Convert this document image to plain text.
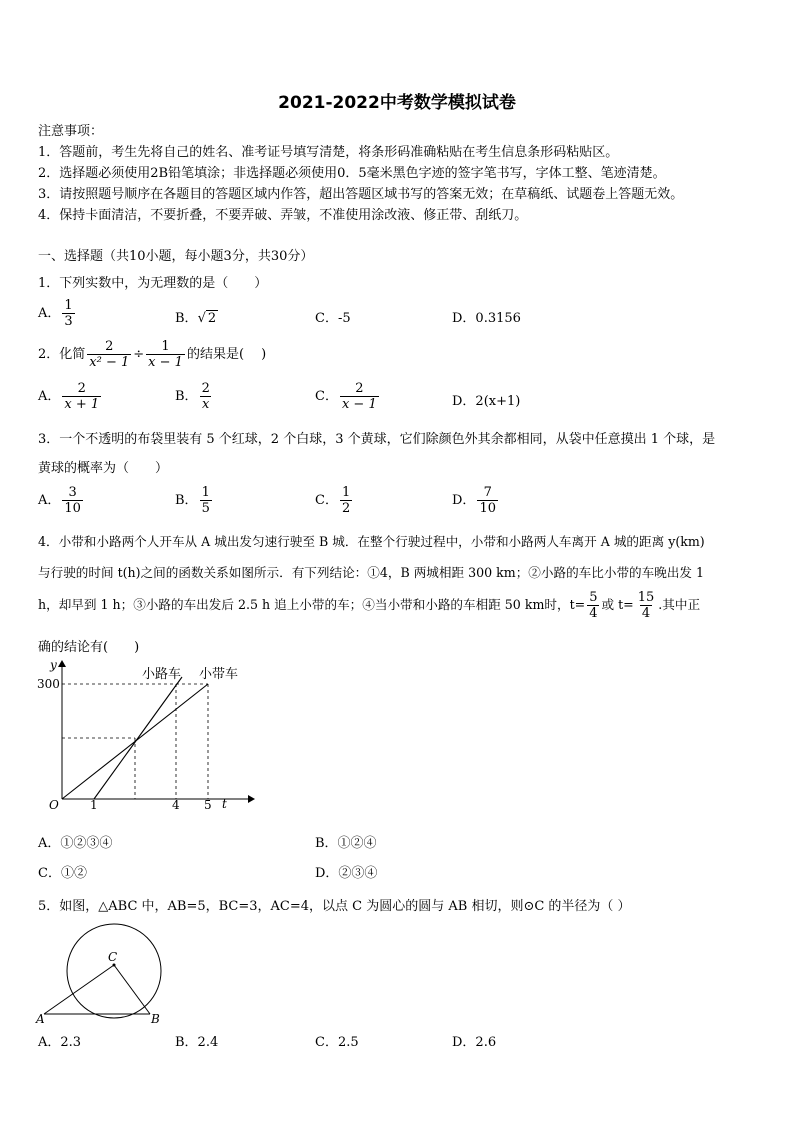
2021-2022中考数学模拟试卷
注意事项：
1．答题前，考生先将自己的姓名、准考证号填写清楚，将条形码准确粘贴在考生信息条形码粘贴区。
2．选择题必须使用2B铅笔填涂；非选择题必须使用0．5毫米黑色字迹的签字笔书写，字体工整、笔迹清楚。
3．请按照题号顺序在各题目的答题区域内作答，超出答题区域书写的答案无效；在草稿纸、试题卷上答题无效。
4．保持卡面清洁，不要折叠，不要弄破、弄皱，不准使用涂改液、修正带、刮纸刀。
一、选择题（共10小题，每小题3分，共30分）
1．下列实数中，为无理数的是（　　）
A． $\frac{1}{3}$	B．√ 2	C．-5	D．0.3156
2．化简 $\frac{2}{\text{x² − 1}} \div \frac{1}{x - 1}$ 的结果是(　 )
A． $\frac{2}{x + 1}$	B． $\frac{2}{x}$	C． $\frac{2}{x - 1}$	D．2(x+1)
3．一个不透明的布袋里装有 5 个红球，2 个白球，3 个黄球，它们除颜色外其余都相同，从袋中任意摸出 1 个球，是
黄球的概率为（　　）
A． $\frac{3}{10}$	B． $\frac{1}{5}$	C． $\frac{1}{2}$	D． $\frac{7}{10}$
4．小带和小路两个人开车从 A 城出发匀速行驶至 B 城．在整个行驶过程中，小带和小路两人车离开 A 城的距离 y(km)
与行驶的时间 t(h)之间的函数关系如图所示．有下列结论：①4，B 两城相距 300 km；②小路的车比小带的车晚出发 1
h，却早到 1 h；③小路的车出发后 2.5 h 追上小带的车；④当小带和小路的车相距 50 km时，$t= \frac{5}{4}$ 或 $t= \frac{15}{4}$ .其中正
确的结论有(　　)
y
t
O
300
1	4 5
小路车 小带车
A．①②③④	B．①②④
C．①②	D．②③④
5．如图，△ABC 中，AB=5，BC=3，AC=4，以点 C 为圆心的圆与 AB 相切，则⊙C 的半径为（ ）
C
A	B
A．2.3	B．2.4	C．2.5	D．2.6
